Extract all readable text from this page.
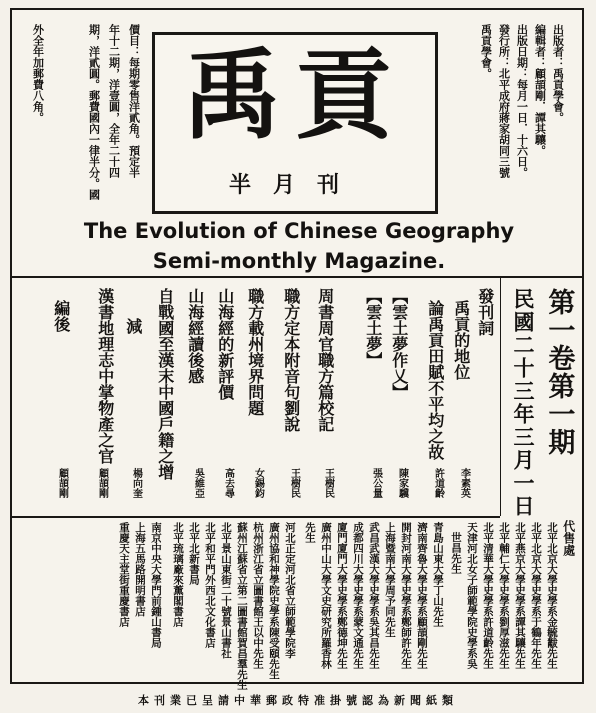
禹貢
半月刊
出版者：禹貢學會。
編輯者：顧頡剛．譚其驤。
出版日期：每月一日．十六日。
發行所：北平成府蔣家胡同三號
禹貢學會。
價目：每期零售洋貳角。預定半
年十二期，洋壹圓，全年二十四
期，洋貳圓。郵費國內一律半分。國
外全年加郵費八角。
The Evolution of Chinese Geography
Semi-monthly Magazine.
第一卷第一期
民國二十三年三月一日
發刊詞
禹貢的地位
李素英
論禹貢田賦不平均之故
許道齡
【雲土夢作乂】
陳家驥
【雲土夢】
張公量
周書周官職方篇校記
王樹民
職方定本附音句劉說
王樹民
職方載州境界問題
女錫鈞
山海經的新評價
高去尋
山海經讀後感
吳維亞
自戰國至漢末中國戶籍之增
減
楊向奎
漢書地理志中掌物產之官
顧頡剛
編後
顧頡剛
代售處
北平北京大學史學系金毓黻先生
北平北京大學史學系于鶴年先生
北平燕京大學史學系譚其驤先生
北平輔仁大學史學系劉厚滋先生
北平清華大學史學系許道齡先生
天津河北女子師範學院史學系吳
世昌先生
青島山東大學丁山先生
濟南齊魯大學史學系顧頡剛先生
開封河南大學史學系鄭師許先生
上海暨南大學周予同先生
武昌武漢大學史學系吳其昌先生
成都四川大學史學系蒙文通先生
廈門廈門大學史學系鄭德坤先生
廣州中山大學文史研究所羅香林
先生
河北正定河北省立師範學院李
廣州協和神學院史學系陳受頤先生
杭州浙江省立圖書館王以中先生
蘇州江蘇省立第二圖書館賀昌羣先生
北平景山東街二十號景山書社
北平和平門外西北文化書店
北平北新書局
北平琉璃廠來薰閣書店
南京中央大學門前鍾山書局
上海五馬路開明書店
重慶天主堂街重慶書店
本刊業已呈請中華郵政特准掛號認為新聞紙類
